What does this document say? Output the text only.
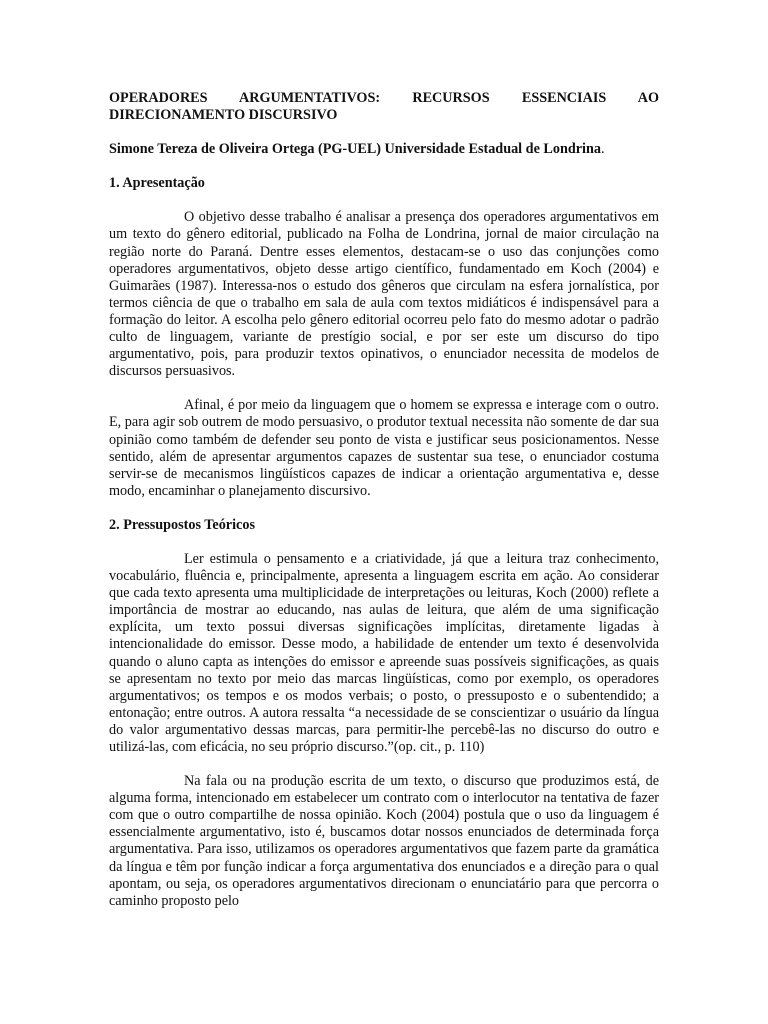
OPERADORES ARGUMENTATIVOS: RECURSOS ESSENCIAIS AO
DIRECIONAMENTO DISCURSIVO
Simone Tereza de Oliveira Ortega (PG-UEL) Universidade Estadual de Londrina.
1. Apresentação

O objetivo desse trabalho é analisar a presença dos operadores argumentativos em um texto do gênero editorial, publicado na Folha de Londrina, jornal de maior circulação na região norte do Paraná. Dentre esses elementos, destacam-se o uso das conjunções como operadores argumentativos, objeto desse artigo científico, fundamentado em Koch (2004) e Guimarães (1987). Interessa-nos o estudo dos gêneros que circulam na esfera jornalística, por termos ciência de que o trabalho em sala de aula com textos midiáticos é indispensável para a formação do leitor. A escolha pelo gênero editorial ocorreu pelo fato do mesmo adotar o padrão culto de linguagem, variante de prestígio social, e por ser este um discurso do tipo argumentativo, pois, para produzir textos opinativos, o enunciador necessita de modelos de discursos persuasivos.

Afinal, é por meio da linguagem que o homem se expressa e interage com o outro. E, para agir sob outrem de modo persuasivo, o produtor textual necessita não somente de dar sua opinião como também de defender seu ponto de vista e justificar seus posicionamentos. Nesse sentido, além de apresentar argumentos capazes de sustentar sua tese, o enunciador costuma servir-se de mecanismos lingüísticos capazes de indicar a orientação argumentativa e, desse modo, encaminhar o planejamento discursivo.

2. Pressupostos Teóricos

Ler estimula o pensamento e a criatividade, já que a leitura traz conhecimento, vocabulário, fluência e, principalmente, apresenta a linguagem escrita em ação. Ao considerar que cada texto apresenta uma multiplicidade de interpretações ou leituras, Koch (2000) reflete a importância de mostrar ao educando, nas aulas de leitura, que além de uma significação explícita, um texto possui diversas significações implícitas, diretamente ligadas à intencionalidade do emissor. Desse modo, a habilidade de entender um texto é desenvolvida quando o aluno capta as intenções do emissor e apreende suas possíveis significações, as quais se apresentam no texto por meio das marcas lingüísticas, como por exemplo, os operadores argumentativos; os tempos e os modos verbais; o posto, o pressuposto e o subentendido; a entonação; entre outros. A autora ressalta “a necessidade de se conscientizar o usuário da língua do valor argumentativo dessas marcas, para permitir-lhe percebê-las no discurso do outro e utilizá-las, com eficácia, no seu próprio discurso.”(op. cit., p. 110)

Na fala ou na produção escrita de um texto, o discurso que produzimos está, de alguma forma, intencionado em estabelecer um contrato com o interlocutor na tentativa de fazer com que o outro compartilhe de nossa opinião. Koch (2004) postula que o uso da linguagem é essencialmente argumentativo, isto é, buscamos dotar nossos enunciados de determinada força argumentativa. Para isso, utilizamos os operadores argumentativos que fazem parte da gramática da língua e têm por função indicar a força argumentativa dos enunciados e a direção para o qual apontam, ou seja, os operadores argumentativos direcionam o enunciatário para que percorra o caminho proposto pelo
